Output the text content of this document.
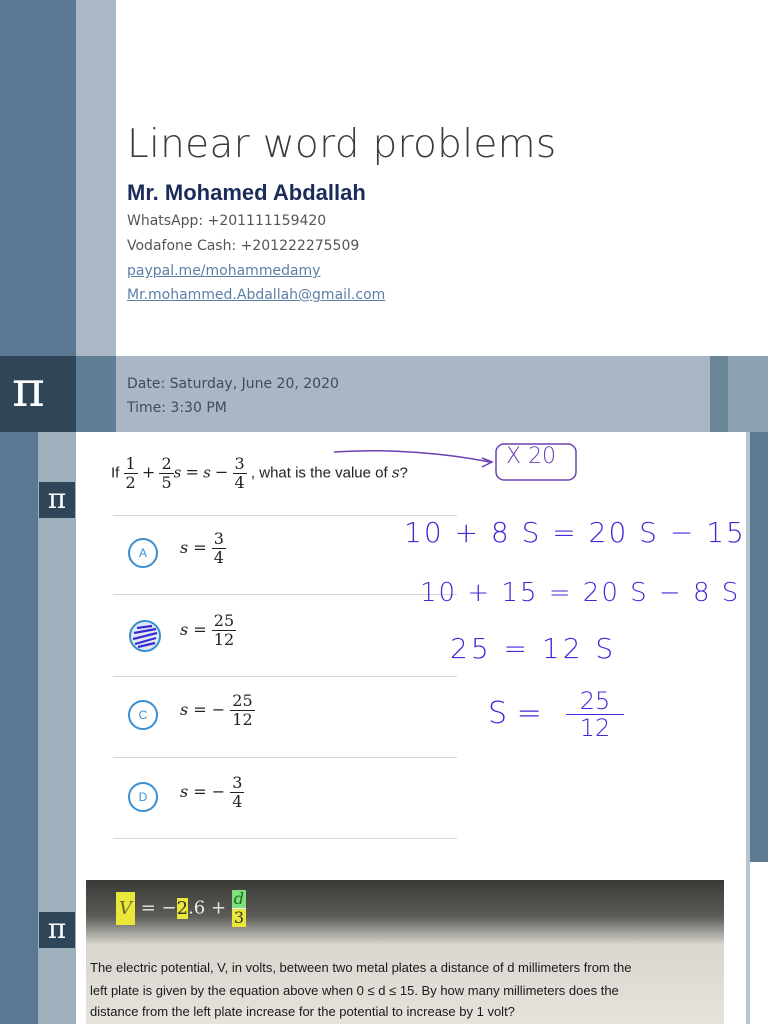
Linear word problems
Mr. Mohamed Abdallah
WhatsApp: +201111159420
Vodafone Cash: +201222275509
paypal.me/mohammedamy
Mr.mohammed.Abdallah@gmail.com
π	Date: Saturday, June 20, 2020
Time: 3:30 PM
π
π
If $\frac{1}{2} + \frac{2}{5}$ $s = s - \frac{3}{4}$ , what is the value of s?
X 20
A	$s = \frac{3}{4}$
$s = \frac{25}{12}$
C	s = − $\frac{25}{12}$
D	s = − $\frac{3}{4}$
10 + 8 S = 20 S − 15
10 + 15 = 20 S − 8 S
25 = 12 S
S =	25
12
$V = -2.6 + \frac{d}{3}$
The electric potential, V, in volts, between two metal plates a distance of d millimeters from the
left plate is given by the equation above when 0 ≤ d ≤ 15. By how many millimeters does the
distance from the left plate increase for the potential to increase by 1 volt?
